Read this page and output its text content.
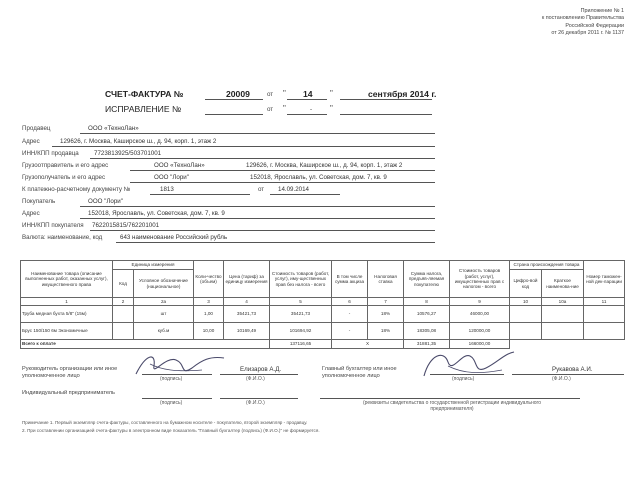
Приложение № 1
к постановлению Правительства
Российской Федерации
от 26 декабря 2011 г. № 1137
СЧЕТ-ФАКТУРА №	20009	от " 14 "	сентября 2014 г.
ИСПРАВЛЕНИЕ №	от "	- "
Продавец	ООО «ТехноЛан»
Адрес	129626, г. Москва, Каширское ш., д. 94, корп. 1, этаж 2
ИНН/КПП продавца 7723813925/503701001
Грузоотправитель и его адрес	ООО «ТехноЛан»	129626, г. Москва, Каширское ш., д. 94, корп. 1, этаж 2
Грузополучатель и его адрес	ООО "Лори"	152018, Ярославль, ул. Советская, дом. 7, кв. 9
К платежно-расчетному документу №	1813	от 14.09.2014
Покупатель	ООО "Лори"
Адрес	152018, Ярославль, ул. Советская, дом. 7, кв. 9
ИНН/КПП покупателя 7622015815/762201001
Валюта: наименование, код	643 наименование Российский рубль
Наименование товара (описание выполненных работ, оказанных услуг), имущественного права	Единица измерения		Коли-чество (объем)	Цена (тариф) за единицу измерения	Стоимость товаров (работ, услуг), иму-щественных прав без налога - всего	В том числе сумма акциза	Налоговая ставка	Сумма налога, предъяв-ляемая покупателю	Стоимость товаров (работ, услуг), имущественных прав с налогом - всего	Страна происхождения товара		Номер таможен-ной дек-ларации
	Код	Условное обозначение (национальное)								Цифро-вой код	Краткое наименова-ние	
1	2	2а	3	4	5	6	7	8	9	10	10а	11
Труба медная бухта 5/8" (15м)		шт	1,00	35421,73	35421,73	-	18%	10576,27	46000,00			
Брус 150/150 6м Экономичные		куб.м	10,00	10169,49	101694,92	-	18%	18305,08	120000,00			
Всего к оплате					137116,65	X		31881,35	166000,00			
Руководитель организации или иное уполномоченное лицо	(подпись)
Елизаров А.Д.
(Ф.И.О.)
Главный бухгалтер или иное уполномоченное лицо	(подпись)
Рукавова А.И.
(Ф.И.О.)
Индивидуальный предприниматель
(подпись)	(Ф.И.О.)	(реквизиты свидетельства о государственной регистрации индивидуального предпринимателя)
Примечание 1. Первый экземпляр счета-фактуры, составленного на бумажном носителе - покупателю, второй экземпляр - продавцу.
2. При составлении организацией счета-фактуры в электронном виде показатель "Главный бухгалтер (подпись) (Ф.И.О.)" не формируется.
